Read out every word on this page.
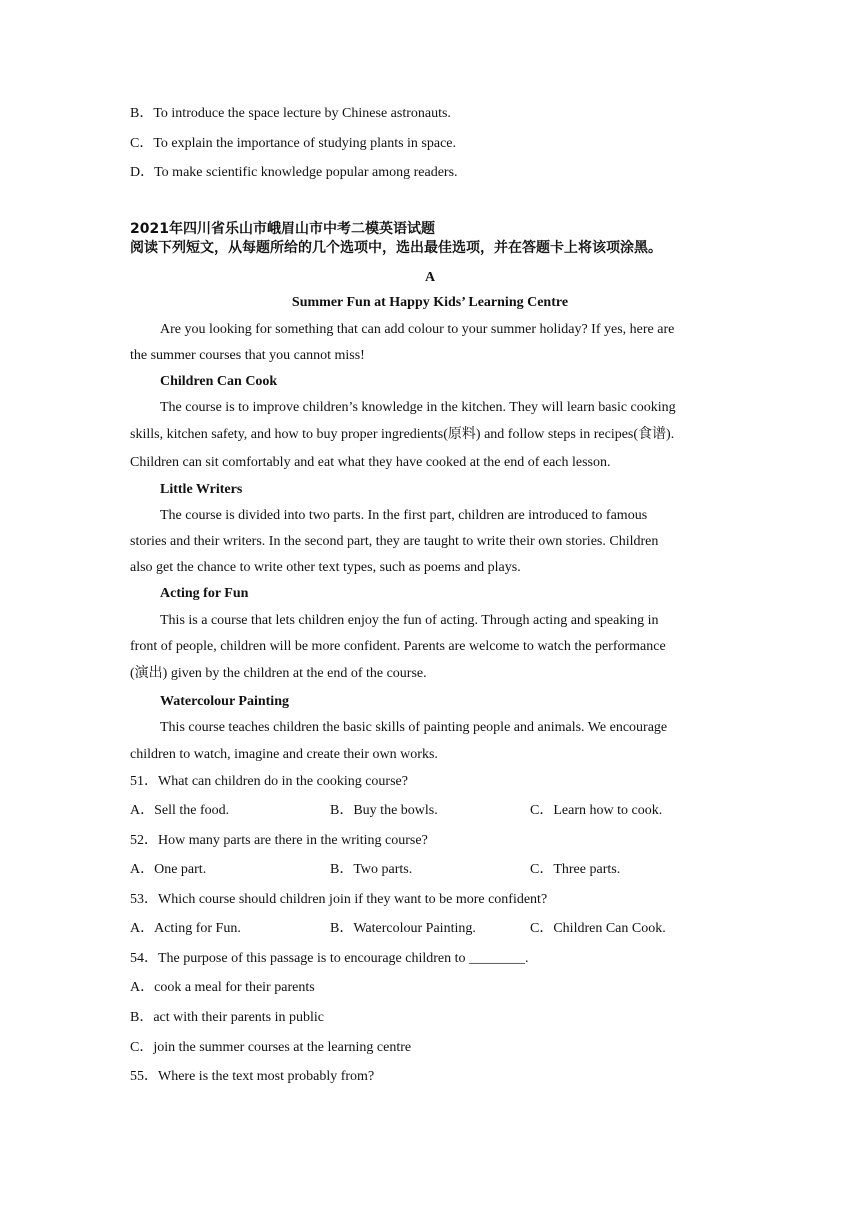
B．To introduce the space lecture by Chinese astronauts.
C．To explain the importance of studying plants in space.
D．To make scientific knowledge popular among readers.
2021年四川省乐山市峨眉山市中考二模英语试题
阅读下列短文，从每题所给的几个选项中，选出最佳选项，并在答题卡上将该项涂黑。
A
Summer Fun at Happy Kids’ Learning Centre
Are you looking for something that can add colour to your summer holiday? If yes, here are
the summer courses that you cannot miss!
Children Can Cook
The course is to improve children’s knowledge in the kitchen. They will learn basic cooking
skills, kitchen safety, and how to buy proper ingredients(原料) and follow steps in recipes(食谱).
Children can sit comfortably and eat what they have cooked at the end of each lesson.
Little Writers
The course is divided into two parts. In the first part, children are introduced to famous
stories and their writers. In the second part, they are taught to write their own stories. Children
also get the chance to write other text types, such as poems and plays.
Acting for Fun
This is a course that lets children enjoy the fun of acting. Through acting and speaking in
front of people, children will be more confident. Parents are welcome to watch the performance
(演出) given by the children at the end of the course.
Watercolour Painting
This course teaches children the basic skills of painting people and animals. We encourage
children to watch, imagine and create their own works.
51．What can children do in the cooking course?
A．Sell the food.	B．Buy the bowls.	C．Learn how to cook.
52．How many parts are there in the writing course?
A．One part.	B．Two parts.	C．Three parts.
53．Which course should children join if they want to be more confident?
A．Acting for Fun.	B．Watercolour Painting.	C．Children Can Cook.
54．The purpose of this passage is to encourage children to ________.
A．cook a meal for their parents
B．act with their parents in public
C．join the summer courses at the learning centre
55．Where is the text most probably from?
